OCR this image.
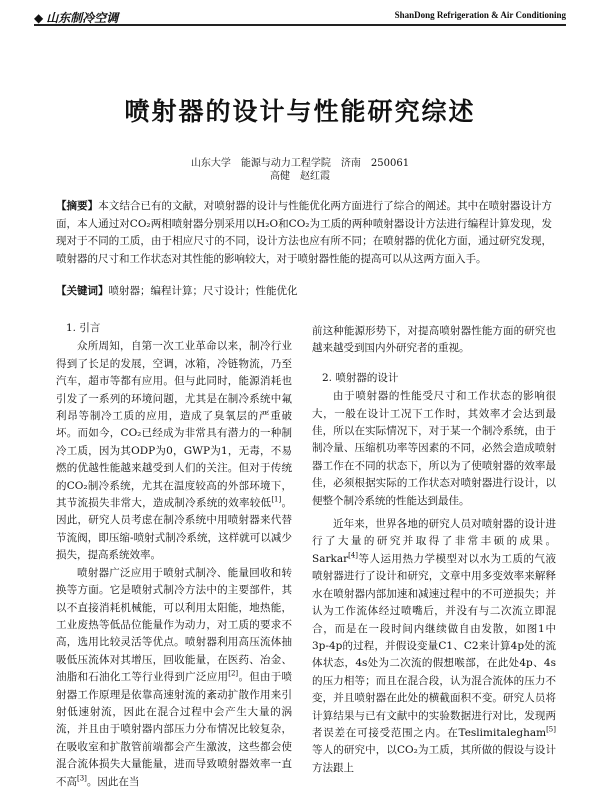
◆ 山东制冷空调	ShanDong Refrigeration & Air Conditioning
喷射器的设计与性能研究综述
山东大学　能源与动力工程学院　济南　250061
高健　赵红霞
【摘要】本文结合已有的文献，对喷射器的设计与性能优化两方面进行了综合的阐述。其中在喷射器设计方面，本人通过对CO₂两相喷射器分别采用以H₂O和CO₂为工质的两种喷射器设计方法进行编程计算发现，发现对于不同的工质，由于相应尺寸的不同，设计方法也应有所不同；在喷射器的优化方面，通过研究发现，喷射器的尺寸和工作状态对其性能的影响较大，对于喷射器性能的提高可以从这两方面入手。
【关键词】喷射器；编程计算；尺寸设计；性能优化

1. 引言

众所周知，自第一次工业革命以来，制冷行业得到了长足的发展，空调，冰箱，冷链物流，乃至汽车，超市等都有应用。但与此同时，能源消耗也引发了一系列的环境问题，尤其是在制冷系统中氟利昂等制冷工质的应用，造成了臭氧层的严重破坏。而如今，CO₂已经成为非常具有潜力的一种制冷工质，因为其ODP为0，GWP为1，无毒，不易燃的优越性能越来越受到人们的关注。但对于传统的CO₂制冷系统，尤其在温度较高的外部环境下，其节流损失非常大，造成制冷系统的效率较低[1]。因此，研究人员考虑在制冷系统中用喷射器来代替节流阀，即压缩-喷射式制冷系统，这样就可以减少损失，提高系统效率。

喷射器广泛应用于喷射式制冷、能量回收和转换等方面。它是喷射式制冷方法中的主要部件，其以不直接消耗机械能，可以利用太阳能，地热能，工业废热等低品位能量作为动力，对工质的要求不高，选用比较灵活等优点。喷射器利用高压流体抽吸低压流体对其增压，回收能量，在医药、冶金、油脂和石油化工等行业得到广泛应用[2]。但由于喷射器工作原理是依靠高速射流的紊动扩散作用来引射低速射流，因此在混合过程中会产生大量的涡流，并且由于喷射器内部压力分布情况比较复杂，在吸收室和扩散管前端都会产生激波，这些都会使混合流体损失大量能量，进而导致喷射器效率一直不高[3]。因此在当

前这种能源形势下，对提高喷射器性能方面的研究也越来越受到国内外研究者的重视。

2. 喷射器的设计

由于喷射器的性能受尺寸和工作状态的影响很大，一般在设计工况下工作时，其效率才会达到最佳，所以在实际情况下，对于某一个制冷系统，由于制冷量、压缩机功率等因素的不同，必然会造成喷射器工作在不同的状态下，所以为了使喷射器的效率最佳，必须根据实际的工作状态对喷射器进行设计，以便整个制冷系统的性能达到最佳。

近年来，世界各地的研究人员对喷射器的设计进行了大量的研究并取得了非常丰硕的成果。Sarkar[4]等人运用热力学模型对以水为工质的气液喷射器进行了设计和研究，文章中用多变效率来解释水在喷射器内部加速和减速过程中的不可逆损失；并认为工作流体经过喷嘴后，并没有与二次流立即混合，而是在一段时间内继续做自由发散，如图1中3p-4p的过程，并假设变量C1、C2来计算4p处的流体状态，4s处为二次流的假想喉部，在此处4p、4s的压力相等；而且在混合段，认为混合流体的压力不变，并且喷射器在此处的横截面积不变。研究人员将计算结果与已有文献中的实验数据进行对比，发现两者误差在可接受范围之内。在Teslimitalegham[5]等人的研究中，以CO₂为工质，其所做的假设与设计方法跟上
